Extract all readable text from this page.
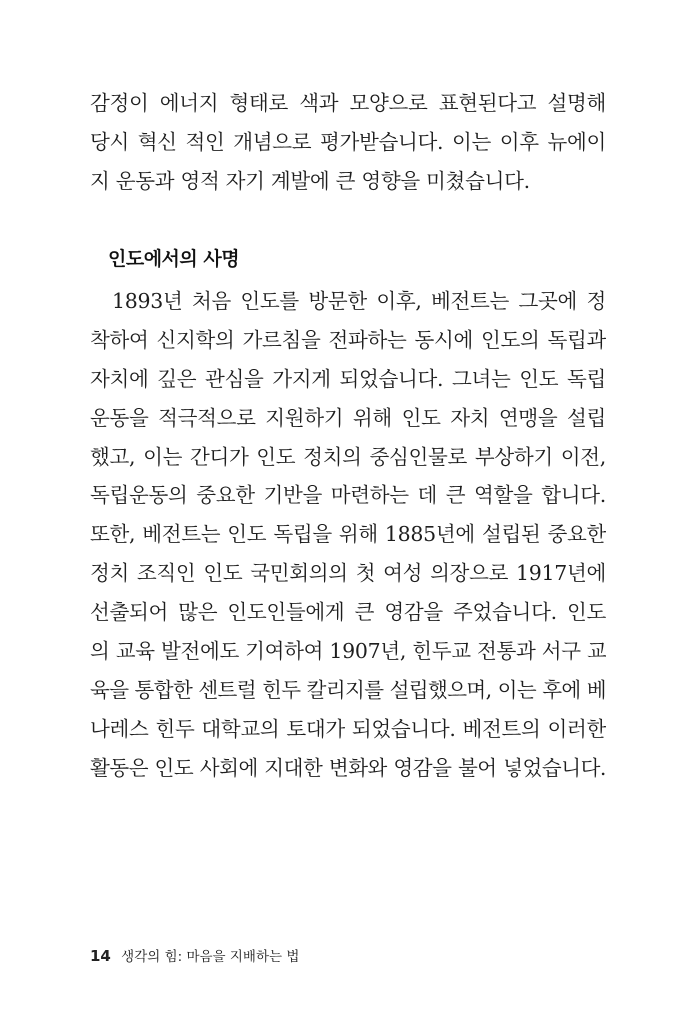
감정이 에너지 형태로 색과 모양으로 표현된다고 설명해
당시 혁신 적인 개념으로 평가받습니다. 이는 이후 뉴에이
지 운동과 영적 자기 계발에 큰 영향을 미쳤습니다.
인도에서의 사명
1893년 처음 인도를 방문한 이후, 베전트는 그곳에 정
착하여 신지학의 가르침을 전파하는 동시에 인도의 독립과
자치에 깊은 관심을 가지게 되었습니다. 그녀는 인도 독립
운동을 적극적으로 지원하기 위해 인도 자치 연맹을 설립
했고, 이는 간디가 인도 정치의 중심인물로 부상하기 이전,
독립운동의 중요한 기반을 마련하는 데 큰 역할을 합니다.
또한, 베전트는 인도 독립을 위해 1885년에 설립된 중요한
정치 조직인 인도 국민회의의 첫 여성 의장으로 1917년에
선출되어 많은 인도인들에게 큰 영감을 주었습니다. 인도
의 교육 발전에도 기여하여 1907년, 힌두교 전통과 서구 교
육을 통합한 센트럴 힌두 칼리지를 설립했으며, 이는 후에 베
나레스 힌두 대학교의 토대가 되었습니다. 베전트의 이러한
활동은 인도 사회에 지대한 변화와 영감을 불어 넣었습니다.
14 생각의 힘: 마음을 지배하는 법
